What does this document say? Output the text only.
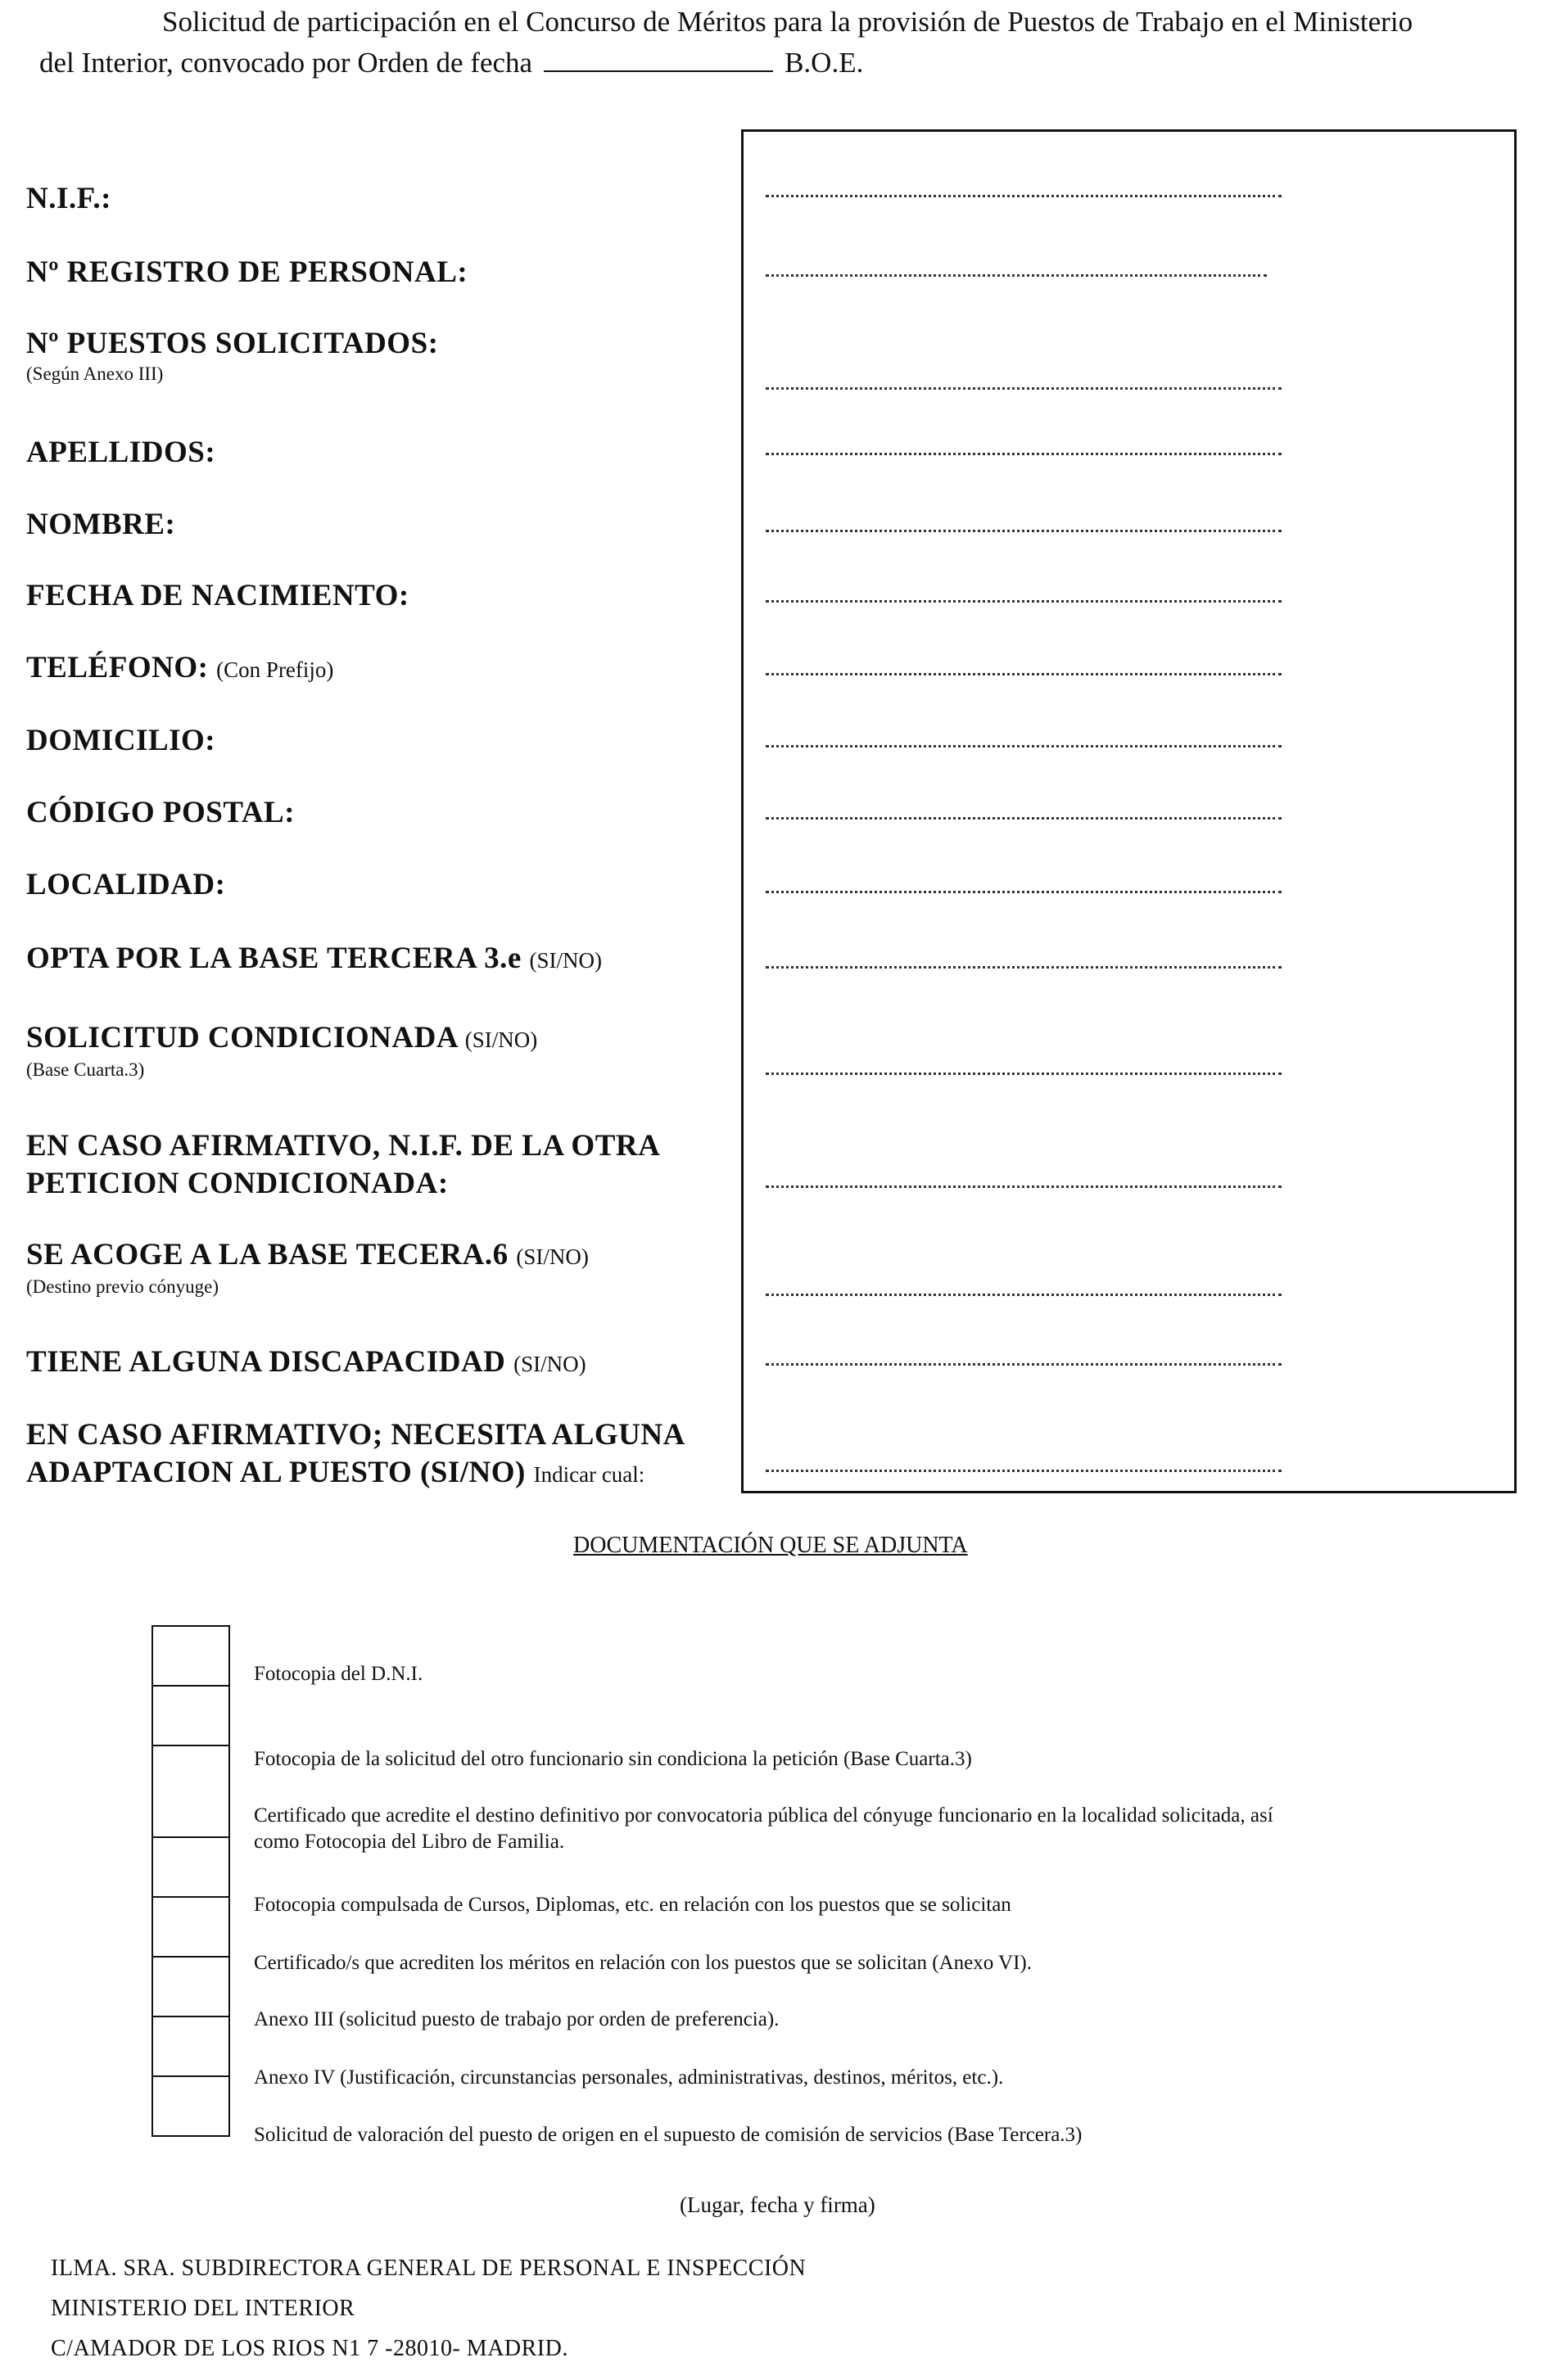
Solicitud de participación en el Concurso de Méritos para la provisión de Puestos de Trabajo en el Ministerio
del Interior, convocado por Orden de fecha	B.O.E.
N.I.F.:
Nº REGISTRO DE PERSONAL:
Nº PUESTOS SOLICITADOS:
(Según Anexo III)
APELLIDOS:
NOMBRE:
FECHA DE NACIMIENTO:
TELÉFONO: (Con Prefijo)
DOMICILIO:
CÓDIGO POSTAL:
LOCALIDAD:
OPTA POR LA BASE TERCERA 3.e (SI/NO)
SOLICITUD CONDICIONADA (SI/NO)
(Base Cuarta.3)
EN CASO AFIRMATIVO, N.I.F. DE LA OTRA
PETICION CONDICIONADA:
SE ACOGE A LA BASE TECERA.6 (SI/NO)
(Destino previo cónyuge)
TIENE ALGUNA DISCAPACIDAD (SI/NO)
EN CASO AFIRMATIVO; NECESITA ALGUNA
ADAPTACION AL PUESTO (SI/NO) Indicar cual:
DOCUMENTACIÓN QUE SE ADJUNTA
Fotocopia del D.N.I.
Fotocopia de la solicitud del otro funcionario sin condiciona la petición (Base Cuarta.3)
Certificado que acredite el destino definitivo por convocatoria pública del cónyuge funcionario en la localidad solicitada, así
como Fotocopia del Libro de Familia.
Fotocopia compulsada de Cursos, Diplomas, etc. en relación con los puestos que se solicitan
Certificado/s que acrediten los méritos en relación con los puestos que se solicitan (Anexo VI).
Anexo III (solicitud puesto de trabajo por orden de preferencia).
Anexo IV (Justificación, circunstancias personales, administrativas, destinos, méritos, etc.).
Solicitud de valoración del puesto de origen en el supuesto de comisión de servicios (Base Tercera.3)
(Lugar, fecha y firma)
ILMA. SRA. SUBDIRECTORA GENERAL DE PERSONAL E INSPECCIÓN
MINISTERIO DEL INTERIOR
C/AMADOR DE LOS RIOS N1 7 -28010- MADRID.
